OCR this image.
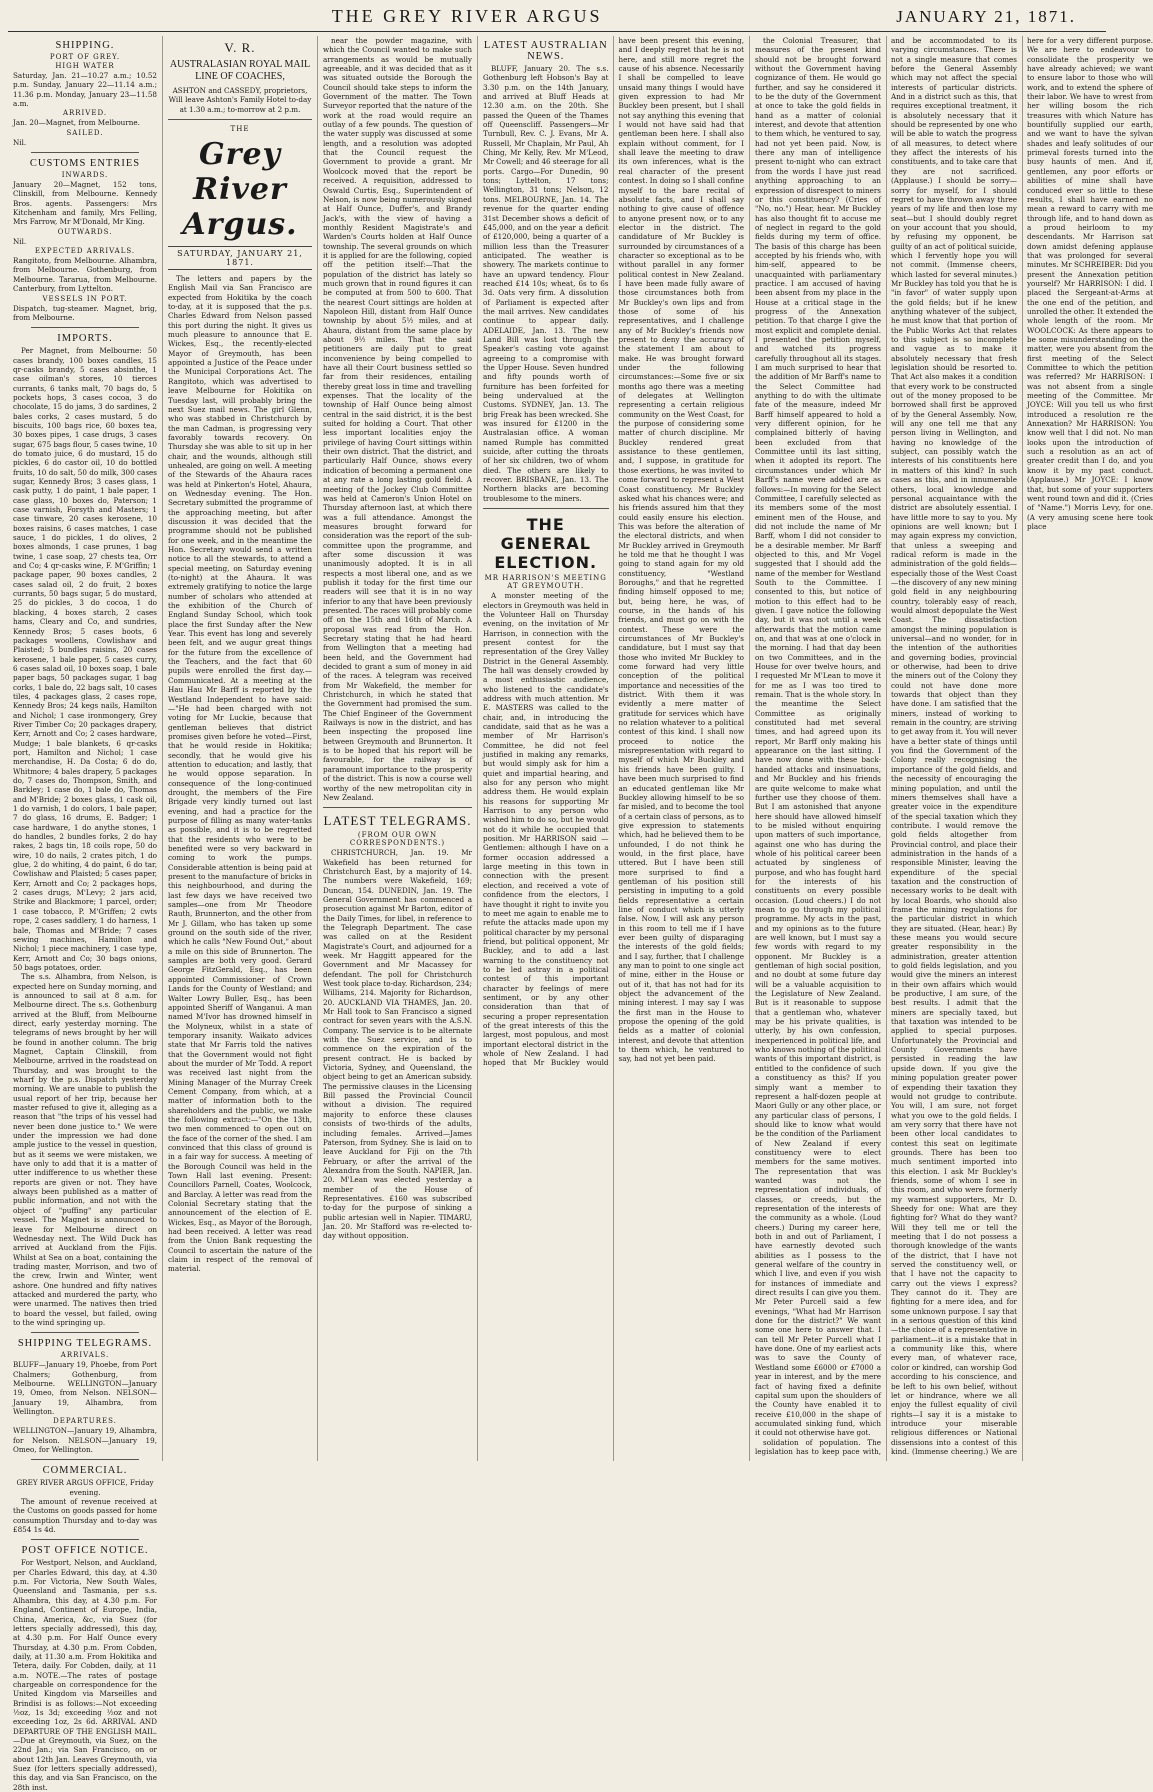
THE GREY RIVER ARGUS	JANUARY 21, 1871.
SHIPPING.
PORT OF GREY.
HIGH WATER

Saturday, Jan. 21—10.27 a.m.; 10.52 p.m. Sunday, January 22—11.14 a.m.; 11.36 p.m. Monday, January 23—11.58 a.m.

ARRIVED.

Jan. 20—Magnet, from Melbourne.

SAILED.

Nil.

CUSTOMS ENTRIES
INWARDS.

January 20—Magnet, 152 tons, Clinskill, from Melbourne. Kennedy Bros. agents. Passengers: Mrs Kitchenham and family, Mrs Felling, Mrs Farrow, Mr M'Donald, Mr King.

OUTWARDS.

Nil.

EXPECTED ARRIVALS.

Rangitoto, from Melbourne. Alhambra, from Melbourne. Gothenburg, from Melbourne. Tararua, from Melbourne. Canterbury, from Lyttelton.

VESSELS IN PORT.

Dispatch, tug-steamer. Magnet, brig, from Melbourne.

IMPORTS.

Per Magnet, from Melbourne: 50 cases brandy, 100 boxes candles, 15 qr-casks brandy, 5 cases absinthe, 1 case oilman's stores, 10 tierces currants, 6 tanks malt, 70 bags do, 5 pockets hops, 3 cases cocoa, 3 do chocolate, 15 do jams, 3 do sardines, 2 bales corks, 2 cases mustard, 5 do biscuits, 100 bags rice, 60 boxes tea, 30 boxes pipes, 1 case drugs, 3 cases sugar, 675 bags flour, 5 cases twine, 10 do tomato juice, 6 do mustard, 15 do pickles, 6 do castor oil, 10 do bottled fruits, 10 do salt, 50 do milk, 300 cases sugar, Kennedy Bros; 3 cases glass, 1 cask putty, 1 do paint, 1 bale paper, 1 case glass, 10 boxes do, Paterson; 1 case varnish, Forsyth and Masters; 1 case tinware, 20 cases kerosene, 10 boxes raisins, 6 cases matches, 1 case sauce, 1 do pickles, 1 do olives, 2 boxes almonds, 1 case prunes, 1 bag twine, 1 case soap, 27 chests tea, Orr and Co; 4 qr-casks wine, F. M'Griffin; 1 package paper, 90 boxes candles, 2 cases salad oil, 2 do fruit, 2 boxes currants, 50 bags sugar, 5 do mustard, 25 do pickles, 3 do cocoa, 1 do blacking, 4 boxes starch, 2 cases hams, Cleary and Co, and sundries, Kennedy Bros; 5 cases boots, 6 packages woollens, Cowlishaw and Plaisted; 5 bundles raisins, 20 cases kerosene, 1 bale paper, 5 cases curry, 6 cases salad oil, 10 boxes soap, 1 bale paper bags, 50 packages sugar, 1 bag corks, 1 bale do, 22 bags salt, 10 cases tiles, 4 packages glass, 2 cases rope, Kennedy Bros; 24 kegs nails, Hamilton and Nichol; 1 case ironmongery, Grey River Timber Co; 20 packages drapery, Kerr, Arnott and Co; 2 cases hardware, Mudge; 1 bale blankets, 6 qr-casks port, Hamilton and Nichol; 1 case merchandise, H. Da Costa; 6 do do, Whitmore; 4 bales drapery, 5 packages do, 7 cases do, Thompson, Smith, and Barkley; 1 case do, 1 bale do, Thomas and M'Bride; 2 boxes glass, 1 cask oil, 1 do varnish, 1 do colors, 1 bale paper, 7 do glass, 16 drums, E. Badger; 1 case hardware, 1 do anythe stones, 1 do handles, 2 bundles forks, 2 do hay rakes, 2 bags tin, 18 coils rope, 50 do wire, 10 do nails, 2 crates pitch, 1 do glue, 2 do whiting, 4 do paint, 6 do tar, Cowlishaw and Plaisted; 5 cases paper, Kerr, Arnott and Co; 2 packages hops, 2 cases drugs, M'Levy; 2 jars acid, Strike and Blackmore; 1 parcel, order; 1 case tobacco, P. M'Griffen; 2 cwts rope, 2 cases saddlery, 1 do harness, 1 bale, Thomas and M'Bride; 7 cases sewing machines, Hamilton and Nichol; 1 piece machinery, 1 case type, Kerr, Arnott and Co; 30 bags onions, 50 bags potatoes, order.

The s.s. Alhambra, from Nelson, is expected here on Sunday morning, and is announced to sail at 8 a.m. for Melbourne direct. The s.s. Gothenburg arrived at the Bluff, from Melbourne direct, early yesterday morning. The telegrams of news brought by her will be found in another column. The brig Magnet, Captain Clinskill, from Melbourne, arrived in the roadstead on Thursday, and was brought to the wharf by the p.s. Dispatch yesterday morning. We are unable to publish the usual report of her trip, because her master refused to give it, alleging as a reason that "the trips of his vessel had never been done justice to." We were under the impression we had done ample justice to the vessel in question, but as it seems we were mistaken, we have only to add that it is a matter of utter indifference to us whether these reports are given or not. They have always been published as a matter of public information, and not with the object of "puffing" any particular vessel. The Magnet is announced to leave for Melbourne direct on Wednesday next. The Wild Duck has arrived at Auckland from the Fijis. Whilst at Sea on a boat, containing the trading master, Morrison, and two of the crew, Irwin and Winter, went ashore. One hundred and fifty natives attacked and murdered the party, who were unarmed. The natives then tried to board the vessel, but failed, owing to the wind springing up.

SHIPPING TELEGRAMS.
ARRIVALS.

BLUFF—January 19, Phoebe, from Port Chalmers; Gothenburg, from Melbourne. WELLINGTON—January 19, Omeo, from Nelson. NELSON—January 19, Alhambra, from Wellington.

DEPARTURES.

WELLINGTON—January 19, Alhambra, for Nelson. NELSON—January 19, Omeo, for Wellington.

COMMERCIAL.

GREY RIVER ARGUS OFFICE, Friday evening.

The amount of revenue received at the Customs on goods passed for home consumption Thursday and to-day was £854 1s 4d.

POST OFFICE NOTICE.

For Westport, Nelson, and Auckland, per Charles Edward, this day, at 4.30 p.m. For Victoria, New South Wales, Queensland and Tasmania, per s.s. Alhambra, this day, at 4.30 p.m. For England, Continent of Europe, India, China, America, &c, via Suez (for letters specially addressed), this day, at 4.30 p.m. For Half Ounce every Thursday, at 4.30 p.m. From Cobden, daily, at 11.30 a.m. From Hokitika and Tetera, daily. For Cobden, daily, at 11 a.m. NOTE.—The rates of postage chargeable on correspondence for the United Kingdom via Marseilles and Brindisi is as follows:—Not exceeding ½oz, 1s 3d; exceeding ½oz and not exceeding 1oz, 2s 6d. ARRIVAL AND DEPARTURE OF THE ENGLISH MAIL.—Due at Greymouth, via Suez, on the 22nd Jan.; via San Francisco, on or about 12th Jan. Leaves Greymouth, via Suez (for letters specially addressed), this day, and via San Francisco, on the 28th inst.

V. R.
AUSTRALASIAN ROYAL MAIL LINE OF COACHES,

ASHTON and CASSEDY, proprietors, Will leave Ashton's Family Hotel to-day at 1.30 a.m.; to-morrow at 2 p.m.

THE
Grey River Argus.
SATURDAY, JANUARY 21, 1871.

The letters and papers by the English Mail via San Francisco are expected from Hokitika by the coach to-day, at it is supposed that the p.s. Charles Edward from Nelson passed this port during the night. It gives us much pleasure to announce that E. Wickes, Esq., the recently-elected Mayor of Greymouth, has been appointed a Justice of the Peace under the Municipal Corporations Act. The Rangitoto, which was advertised to leave Melbourne for Hokitika on Tuesday last, will probably bring the next Suez mail news. The girl Glenn, who was stabbed in Christchurch by the man Cadman, is progressing very favorably towards recovery. On Thursday she was able to sit up in her chair, and the wounds, although still unhealed, are going on well. A meeting of the Stewards of the Ahaura races was held at Pinkerton's Hotel, Ahaura, on Wednesday evening. The Hon. Secretary submitted the programme of the approaching meeting, but after discussion it was decided that the programme should not be published for one week, and in the meantime the Hon. Secretary would send a written notice to all the stewards, to attend a special meeting, on Saturday evening (to-night) at the Ahaura. It was extremely gratifying to notice the large number of scholars who attended at the exhibition of the Church of England Sunday School, which took place the first Sunday after the New Year. This event has long and severely been felt, and we augur great things for the future from the excellence of the Teachers, and the fact that 60 pupils were enrolled the first day.—Communicated. At a meeting at the Hau Hau Mr Barff is reported by the Westland Independent to have said:—"He had been charged with not voting for Mr Luckie, because that gentleman believes that district promises given before he voted—First, that he would reside in Hokitika; secondly, that he would give his attention to education; and lastly, that he would oppose separation. In consequence of the long-continued drought, the members of the Fire Brigade very kindly turned out last evening, and had a practice for the purpose of filling as many water-tanks as possible, and it is to be regretted that the residents who were to be benefited were so very backward in coming to work the pumps. Considerable attention is being paid at present to the manufacture of bricks in this neighbourhood, and during the last few days we have received two samples—one from Mr Theodore Rauth, Brunnerton, and the other from Mr J. Gillam, who has taken up some ground on the south side of the river, which he calls "New Found Out," about a mile on this side of Brunnerton. The samples are both very good. Gerard George FitzGerald, Esq., has been appointed Commissioner of Crown Lands for the County of Westland; and Walter Lowry Buller, Esq., has been appointed Sheriff of Wanganui. A man named M'Ivor has drowned himself in the Molyneux, whilst in a state of temporary insanity. Waikato advices state that Mr Farris told the natives that the Government would not fight about the murder of Mr Todd. A report was received last night from the Mining Manager of the Murray Creek Cement Company, from which, at a matter of information both to the shareholders and the public, we make the following extract:—"On the 13th, two men commenced to open out on the face of the corner of the shed. I am convinced that this class of ground is in a fair way for success. A meeting of the Borough Council was held in the Town Hall last evening. Present: Councillors Parnell, Coates, Woolcock, and Barclay. A letter was read from the Colonial Secretary stating that the announcement of the election of E. Wickes, Esq., as Mayor of the Borough, had been received. A letter was read from the Union Bank requesting the Council to ascertain the nature of the claim in respect of the removal of material.

near the powder magazine, with which the Council wanted to make such arrangements as would be mutually agreeable, and it was decided that as it was situated outside the Borough the Council should take steps to inform the Government of the matter. The Town Surveyor reported that the nature of the work at the road would require an outlay of a few pounds. The question of the water supply was discussed at some length, and a resolution was adopted that the Council request the Government to provide a grant. Mr Woolcock moved that the report be received. A requisition, addressed to Oswald Curtis, Esq., Superintendent of Nelson, is now being numerously signed at Half Ounce, Duffer's, and Brandy Jack's, with the view of having a monthly Resident Magistrate's and Warden's Courts holden at Half Ounce township. The several grounds on which it is applied for are the following, copied off the petition itself:—That the population of the district has lately so much grown that in round figures it can be computed at from 500 to 600. That the nearest Court sittings are holden at Napoleon Hill, distant from Half Ounce township by about 5½ miles, and at Ahaura, distant from the same place by about 9½ miles. That the said petitioners are daily put to great inconvenience by being compelled to have all their Court business settled so far from their residences, entailing thereby great loss in time and travelling expenses. That the locality of the township of Half Ounce being almost central in the said district, it is the best suited for holding a Court. That other less important localities enjoy the privilege of having Court sittings within their own district. That the district, and particularly Half Ounce, shows every indication of becoming a permanent one at any rate a long lasting gold field. A meeting of the Jockey Club Committee was held at Cameron's Union Hotel on Thursday afternoon last, at which there was a full attendance. Amongst the measures brought forward for consideration was the report of the sub-committee upon the programme, and after some discussion it was unanimously adopted. It is in all respects a most liberal one, and as we publish it today for the first time our readers will see that it is in no way inferior to any that have been previously presented. The races will probably come off on the 15th and 16th of March. A proposal was read from the Hon. Secretary stating that he had heard from Wellington that a meeting had been held, and the Government had decided to grant a sum of money in aid of the races. A telegram was received from Mr Wakefield, the member for Christchurch, in which he stated that the Government had promised the sum. The Chief Engineer of the Government Railways is now in the district, and has been inspecting the proposed line between Greymouth and Brunnerton. It is to be hoped that his report will be favourable, for the railway is of paramount importance to the prosperity of the district. This is now a course well worthy of the new metropolitan city in New Zealand.

LATEST TELEGRAMS.
(FROM OUR OWN CORRESPONDENTS.)

CHRISTCHURCH, Jan. 19. Mr Wakefield has been returned for Christchurch East, by a majority of 14. The numbers were Wakefield, 169; Duncan, 154. DUNEDIN, Jan. 19. The General Government has commenced a prosecution against Mr Barton, editor of the Daily Times, for libel, in reference to the Telegraph Department. The case was called on at the Resident Magistrate's Court, and adjourned for a week. Mr Haggitt appeared for the Government and Mr Macassey for defendant. The poll for Christchurch West took place to-day. Richardson, 234; Williams, 214. Majority for Richardson, 20. AUCKLAND VIA THAMES, Jan. 20. Mr Hall took to San Francisco a signed contract for seven years with the A.S.N. Company. The service is to be alternate with the Suez service, and is to commence on the expiration of the present contract. He is backed by Victoria, Sydney, and Queensland, the object being to get an American subsidy. The permissive clauses in the Licensing Bill passed the Provincial Council without a division. The required majority to enforce these clauses consists of two-thirds of the adults, including females. Arrived—James Paterson, from Sydney. She is laid on to leave Auckland for Fiji on the 7th February, or after the arrival of the Alexandra from the South. NAPIER, Jan. 20. M'Lean was elected yesterday a member of the House of Representatives. £160 was subscribed to-day for the purpose of sinking a public artesian well in Napier. TIMARU, Jan. 20. Mr Stafford was re-elected to-day without opposition.

LATEST AUSTRALIAN NEWS.

BLUFF, January 20. The s.s. Gothenburg left Hobson's Bay at 3.30 p.m. on the 14th January, and arrived at Bluff Heads at 12.30 a.m. on the 20th. She passed the Queen of the Thames off Queenscliff. Passengers—Mr Turnbull, Rev. C. J. Evans, Mr A. Russell, Mr Chaplain, Mr Paul, Ah Ching, Mr Kelly, Rev. Mr M'Leod, Mr Cowell; and 46 steerage for all ports. Cargo—For Dunedin, 90 tons; Lyttelton, 17 tons; Wellington, 31 tons; Nelson, 12 tons. MELBOURNE, Jan. 14. The revenue for the quarter ending 31st December shows a deficit of £45,000, and on the year a deficit of £120,000, being a quarter of a million less than the Treasurer anticipated. The weather is showery. The markets continue to have an upward tendency. Flour reached £14 10s; wheat, 6s to 6s 3d. Oats very firm. A dissolution of Parliament is expected after the mail arrives. New candidates continue to appear daily. ADELAIDE, Jan. 13. The new Land Bill was lost through the Speaker's casting vote against agreeing to a compromise with the Upper House. Seven hundred and fifty pounds worth of furniture has been forfeited for being undervalued at the Customs. SYDNEY, Jan. 13. The brig Freak has been wrecked. She was insured for £1200 in the Australasian office. A woman named Rumple has committed suicide, after cutting the throats of her six children, two of whom died. The others are likely to recover. BRISBANE, Jan. 13. The Northern blacks are becoming troublesome to the miners.

THE GENERAL ELECTION.
MR HARRISON'S MEETING AT GREYMOUTH.

A monster meeting of the electors in Greymouth was held in the Volunteer Hall on Thursday evening, on the invitation of Mr Harrison, in connection with the present contest for the representation of the Grey Valley District in the General Assembly. The hall was densely crowded by a most enthusiastic audience, who listened to the candidate's address with much attention. Mr E. MASTERS was called to the chair, and, in introducing the candidate, said that as he was a member of Mr Harrison's Committee, he did not feel justified in making any remarks, but would simply ask for him a quiet and impartial hearing, and also for any person who might address them. He would explain his reasons for supporting Mr Harrison to any person who wished him to do so, but he would not do it while he occupied that position. Mr HARRISON said — Gentlemen: although I have on a former occasion addressed a large meeting in this town in connection with the present election, and received a vote of confidence from the electors, I have thought it right to invite you to meet me again to enable me to refute the attacks made upon my political character by my personal friend, but political opponent, Mr Buckley, and to add a last warning to the constituency not to be led astray in a political contest of this important character by feelings of mere sentiment, or by any other consideration than that of securing a proper representation of the great interests of this the largest, most populous, and most important electoral district in the whole of New Zealand. I had hoped that Mr Buckley would have been present this evening, and I deeply regret that he is not here, and still more regret the cause of his absence. Necessarily I shall be compelled to leave unsaid many things I would have given expression to had Mr Buckley been present, but I shall not say anything this evening that I would not have said had that gentleman been here. I shall also explain without comment, for I shall leave the meeting to draw its own inferences, what is the real character of the present contest. In doing so I shall confine myself to the bare recital of absolute facts, and I shall say nothing to give cause of offence to anyone present now, or to any elector in the district. The candidature of Mr Buckley is surrounded by circumstances of a character so exceptional as to be without parallel in any former political contest in New Zealand. I have been made fully aware of those circumstances both from Mr Buckley's own lips and from those of some of his representatives, and I challenge any of Mr Buckley's friends now present to deny the accuracy of the statement I am about to make. He was brought forward under the following circumstances:—Some five or six months ago there was a meeting of delegates at Wellington representing a certain religious community on the West Coast, for the purpose of considering some matter of church discipline. Mr Buckley rendered great assistance to these gentlemen, and, I suppose, in gratitude for those exertions, he was invited to come forward to represent a West Coast constituency. Mr Buckley asked what his chances were; and his friends assured him that they could easily ensure his election. This was before the alteration of the electoral districts, and when Mr Buckley arrived in Greymouth he told me that he thought I was going to stand again for my old constituency, "Westland Boroughs," and that he regretted finding himself opposed to me; but, being here, he was, of course, in the hands of his friends, and must go on with the contest. These were the circumstances of Mr Buckley's candidature, but I must say that those who invited Mr Buckley to come forward had very little conception of the political importance and necessities of the district. With them it was evidently a mere matter of gratitude for services which have no relation whatever to a political contest of this kind. I shall now proceed to notice the misrepresentation with regard to myself of which Mr Buckley and his friends have been guilty. I have been much surprised to find an educated gentleman like Mr Buckley allowing himself to be so far misled, and to become the tool of a certain class of persons, as to give expression to statements which, had he believed them to be unfounded, I do not think he would, in the first place, have uttered. But I have been still more surprised to find a gentleman of his position still persisting in imputing to a gold fields representative a certain line of conduct which is utterly false. Now, I will ask any person in this room to tell me if I have ever been guilty of disparaging the interests of the gold fields; and I say, further, that I challenge any man to point to one single act of mine, either in the House or out of it, that has not had for its object the advancement of the mining interest. I may say I was the first man in the House to propose the opening of the gold fields as a matter of colonial interest, and devote that attention to them which, he ventured to say, had not yet been paid.

the Colonial Treasurer, that measures of the present kind should not be brought forward without the Government having cognizance of them. He would go further, and say he considered it to be the duty of the Government at once to take the gold fields in hand as a matter of colonial interest, and devote that attention to them which, he ventured to say, had not yet been paid. Now, is there any man of intelligence present to-night who can extract from the words I have just read anything approaching to an expression of disrespect to miners or this constituency? (Cries of "No, no.") Hear, hear. Mr Buckley has also thought fit to accuse me of neglect in regard to the gold fields during my term of office. The basis of this charge has been accepted by his friends who, with him-self, appeared to be unacquainted with parliamentary practice. I am accused of having been absent from my place in the House at a critical stage in the progress of the Annexation petition. To that charge I give the most explicit and complete denial. I presented the petition myself, and watched its progress carefully throughout all its stages. I am much surprised to hear that the addition of Mr Barff's name to the Select Committee had anything to do with the ultimate fate of the measure, indeed Mr Barff himself appeared to hold a very different opinion, for he complained bitterly of having been excluded from that Committee until its last sitting, when it adopted its report. The circumstances under which Mr Barff's name were added are as follows:—In moving for the Select Committee, I carefully selected as its members some of the most eminent men of the House, and did not include the name of Mr Barff, whom I did not consider to be a desirable member. Mr Barff objected to this, and Mr Vogel suggested that I should add the name of the member for Westland South to the Committee. I consented to this, but notice of motion to this effect had to be given. I gave notice the following day, but it was not until a week afterwards that the motion came on, and that was at one o'clock in the morning. I had that day been on two Committees, and in the House for over twelve hours, and I requested Mr M'Lean to move it for me as I was too tired to remain. That is the whole story. In the meantime the Select Committee as originally constituted had met several times, and had agreed upon its report, Mr Barff only making his appearance on the last sitting. I have now done with these back-handed attacks and insinuations, and Mr Buckley and his friends are quite welcome to make what further use they choose of them. But I am astonished that anyone here should have allowed himself to be misled without enquiring upon matters of such importance, against one who has during the whole of his political career been actuated by singleness of purpose, and who has fought hard for the interests of his constituents on every possible occasion. (Loud cheers.) I do not mean to go through my political programme. My acts in the past, and my opinions as to the future are well known, but I must say a few words with regard to my opponent. Mr Buckley is a gentleman of high social position, and no doubt at some future day will be a valuable acquisition to the Legislature of New Zealand. But is it reasonable to suppose that a gentleman who, whatever may be his private qualities, is utterly, by his own confession, inexperienced in political life, and who knows nothing of the political wants of this important district, is entitled to the confidence of such a constituency as this? If you simply want a member to represent a half-dozen people at Maori Gully or any other place, or any particular class of persons, I should like to know what would be the condition of the Parliament of New Zealand if every constituency were to elect members for the same motives. The representation that was wanted was not the representation of individuals, of classes, or creeds, but the representation of the interests of the community as a whole. (Loud cheers.) During my career here, both in and out of Parliament, I have earnestly devoted such abilities as I possess to the general welfare of the country in which I live, and even if you wish for instances of immediate and direct results I can give you them. Mr Peter Purcell said a few evenings, "What had Mr Harrison done for the district?" We want some one here to answer that. I can tell Mr Peter Purcell what I have done. One of my earliest acts was to save the County of Westland some £6000 or £7000 a year in interest, and by the mere fact of having fixed a definite capital sum upon the shoulders of the County have enabled it to receive £10,000 in the shape of accumulated sinking fund, which it could not otherwise have got.

solidation of population. The legislation has to keep pace with, and be accommodated to its varying circumstances. There is not a single measure that comes before the General Assembly which may not affect the special interests of particular districts. And in a district such as this, that requires exceptional treatment, it is absolutely necessary that it should be represented by one who will be able to watch the progress of all measures, to detect where they affect the interests of his constituents, and to take care that they are not sacrificed. (Applause.) I should be sorry—sorry for myself, for I should regret to have thrown away three years of my life and then lose my seat—but I should doubly regret on your account that you should, by refusing my opponent, be guilty of an act of political suicide, which I fervently hope you will not commit. (Immense cheers, which lasted for several minutes.) Mr Buckley has told you that he is "in favor" of water supply upon the gold fields; but if he knew anything whatever of the subject, he must know that that portion of the Public Works Act that relates to this subject is so incomplete and vague as to make it absolutely necessary that fresh legislation should be resorted to. That Act also makes it a condition that every work to be constructed out of the money proposed to be borrowed shall first be approved of by the General Assembly. Now, will any one tell me that any person living in Wellington, and having no knowledge of the subject, can possibly watch the interests of his constituents here in matters of this kind? In such cases as this, and in innumerable others, local knowledge and personal acquaintance with the district are absolutely essential. I have little more to say to you. My opinions are well known; but I may again express my conviction, that unless a sweeping and radical reform is made in the administration of the gold fields—especially those of the West Coast—the discovery of any new mining gold field in any neighbouring country, tolerably easy of reach, would almost depopulate the West Coast. The dissatisfaction amongst the mining population is universal—and no wonder, for in the intention of the authorities and governing bodies, provincial or otherwise, had been to drive the miners out of the Colony they could not have done more towards that object than they have done. I am satisfied that the miners, instead of working to remain in the country, are striving to get away from it. You will never have a better state of things until you find the Government of the Colony really recognising the importance of the gold fields, and the necessity of encouraging the mining population, and until the miners themselves shall have a greater voice in the expenditure of the special taxation which they contribute. I would remove the gold fields altogether from Provincial control, and place their administration in the hands of a responsible Minister, leaving the expenditure of the special taxation and the construction of necessary works to be dealt with by local Boards, who should also frame the mining regulations for the particular district in which they are situated. (Hear, hear.) By these means you would secure greater responsibility in the administration, greater attention to gold fields legislation, and you would give the miners an interest in their own affairs which would be productive, I am sure, of the best results. I admit that the miners are specially taxed, but that taxation was intended to be applied to special purposes. Unfortunately the Provincial and County Governments have persisted in reading the law upside down. If you give the mining population greater power of expending their taxation they would not grudge to contribute. You will, I am sure, not forget what you owe to the gold fields. I am very sorry that there have not been other local candidates to contest this seat on legitimate grounds. There has been too much sentiment imported into this election. I ask Mr Buckley's friends, some of whom I see in this room, and who were formerly my warmest supporters, Mr D. Sheedy for one: What are they fighting for? What do they want? Will they tell me or tell the meeting that I do not possess a thorough knowledge of the wants of the district, that I have not served the constituency well, or that I have not the capacity to carry out the views I express? They cannot do it. They are fighting for a mere idea, and for some unknown purpose. I say that in a serious question of this kind—the choice of a representative in parliament—it is a mistake that in a community like this, where every man, of whatever race, color or kindred, can worship God according to his conscience, and be left to his own belief, without let or hindrance, where we all enjoy the fullest equality of civil rights—I say it is a mistake to introduce your miserable religious differences or National dissensions into a contest of this kind. (Immense cheering.) We are here for a very different purpose. We are here to endeavour to consolidate the prosperity we have already achieved; we want to ensure labor to those who will work, and to extend the sphere of their labor. We have to wrest from her willing bosom the rich treasures with which Nature has bountifully supplied our earth, and we want to have the sylvan shades and leafy solitudes of our primeval forests turned into the busy haunts of men. And if, gentlemen, any poor efforts or abilities of mine shall have conduced ever so little to these results, I shall have earned no mean a reward to carry with me through life, and to hand down as a proud heirloom to my descendants. Mr Harrison sat down amidst defening applause that was prolonged for several minutes. Mr SCHREIBER: Did you present the Annexation petition yourself? Mr HARRISON: I did. I placed the Sergeant-at-Arms at the one end of the petition, and unrolled the other. It extended the whole length of the room. Mr WOOLCOCK: As there appears to be some misunderstanding on the matter, were you absent from the first meeting of the Select Committee to which the petition was referred? Mr HARRISON: I was not absent from a single meeting of the Committee. Mr JOYCE: Will you tell us who first introduced a resolution re the Annexation? Mr HARRISON: You know well that I did not. No man looks upon the introduction of such a resolution as an act of greater credit than I do, and you know it by my past conduct. (Applause.) Mr JOYCE: I know that, but some of your supporters went round town and did it. (Cries of "Name.") Morris Levy, for one. (A very amusing scene here took place
